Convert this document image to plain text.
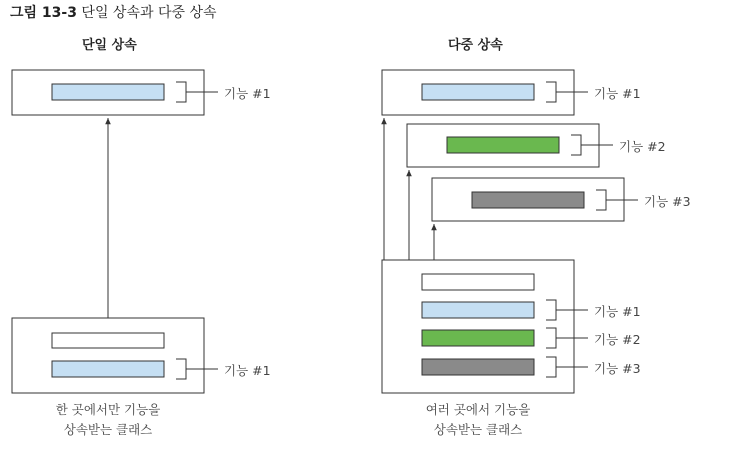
그림 13-3 단일 상속과 다중 상속
단일 상속	다중 상속
기능 #1
기능 #1
기능 #1
기능 #2
기능 #3
기능 #1
기능 #2
기능 #3
한 곳에서만 기능을
상속받는 클래스
여러 곳에서 기능을
상속받는 클래스
